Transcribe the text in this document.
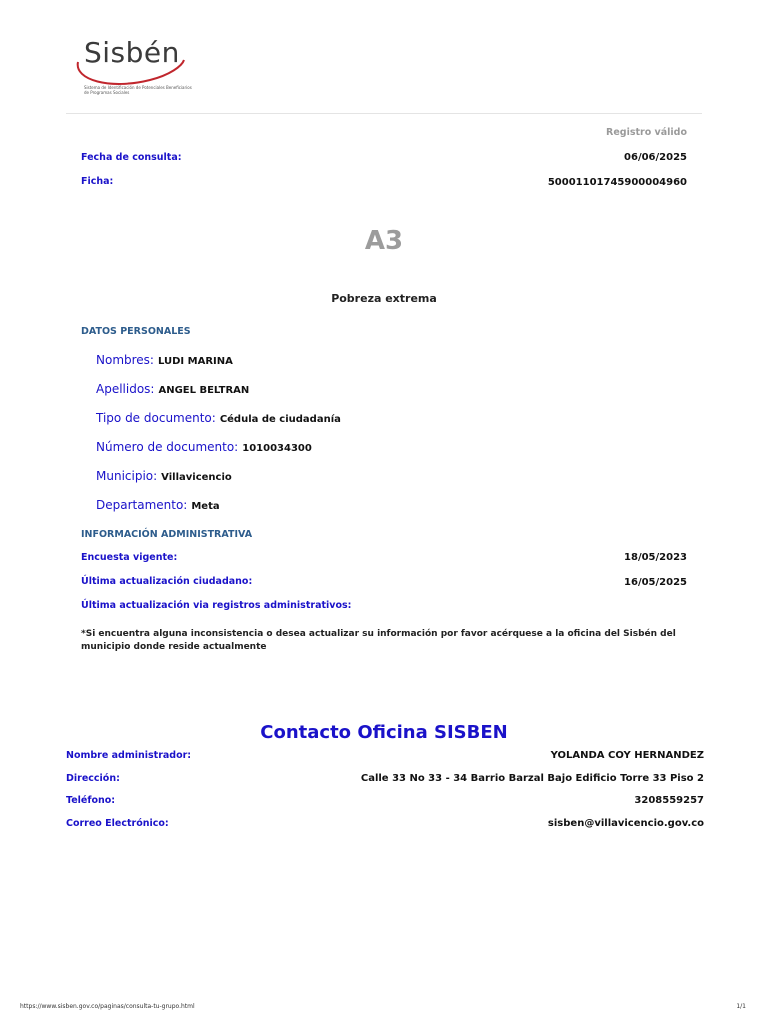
Sisbén
Sistema de Identificación de Potenciales Beneficiarios de Programas Sociales
Registro válido
Fecha de consulta:	06/06/2025
Ficha:	50001101745900004960
A3
Pobreza extrema
DATOS PERSONALES
Nombres: LUDI MARINA
Apellidos: ANGEL BELTRAN
Tipo de documento: Cédula de ciudadanía
Número de documento: 1010034300
Municipio: Villavicencio
Departamento: Meta
INFORMACIÓN ADMINISTRATIVA
Encuesta vigente:	18/05/2023
Última actualización ciudadano:	16/05/2025
Última actualización via registros administrativos:
*Si encuentra alguna inconsistencia o desea actualizar su información por favor acérquese a la oficina del Sisbén del municipio donde reside actualmente
Contacto Oficina SISBEN
Nombre administrador:	YOLANDA COY HERNANDEZ
Dirección:	Calle 33 No 33 - 34 Barrio Barzal Bajo Edificio Torre 33 Piso 2
Teléfono:	3208559257
Correo Electrónico:	sisben@villavicencio.gov.co
https://www.sisben.gov.co/paginas/consulta-tu-grupo.html	1/1
